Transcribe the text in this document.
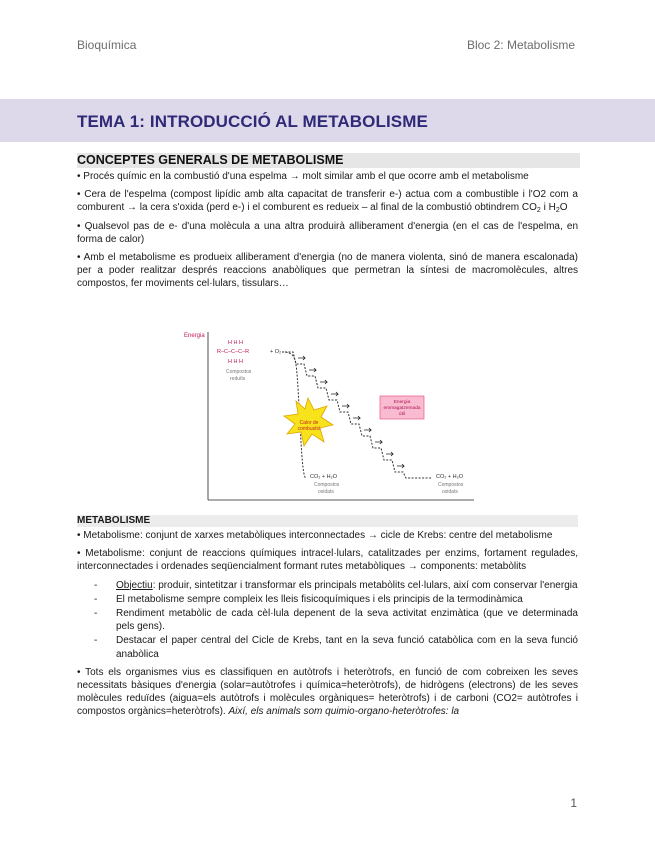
Bioquímica	Bloc 2: Metabolisme
TEMA 1: INTRODUCCIÓ AL METABOLISME
CONCEPTES GENERALS DE METABOLISME

• Procés químic en la combustió d'una espelma → molt similar amb el que ocorre amb el metabolisme

• Cera de l'espelma (compost lipídic amb alta capacitat de transferir e-) actua com a combustible i l'O2 com a comburent → la cera s'oxida (perd e-) i el comburent es redueix – al final de la combustió obtindrem $CO_2$ i $H_2O$

• Qualsevol pas de e- d'una molècula a una altra produirà alliberament d'energia (en el cas de l'espelma, en forma de calor)

• Amb el metabolisme es produeix alliberament d'energia (no de manera violenta, sinó de manera escalonada) per a poder realitzar després reaccions anabòliques que permetran la síntesi de macromolècules, altres compostos, fer moviments cel·lulars, tissulars…

Energia
H H H
R–C–C–C–R	+ O₂
H H H
Compostos
reduïts
Calor de
combustió
Energia
emmagatzemada
útil
CO₂ + H₂O
Compostos
oxidats
CO₂ + H₂O
Compostos
oxidats
METABOLISME

• Metabolisme: conjunt de xarxes metabòliques interconnectades → cicle de Krebs: centre del metabolisme

• Metabolisme: conjunt de reaccions químiques intracel·lulars, catalitzades per enzims, fortament regulades, interconnectades i ordenades seqüencialment formant rutes metabòliques → components: metabòlits

- Objectiu: produir, sintetitzar i transformar els principals metabòlits cel·lulars, així com conservar l'energia
- El metabolisme sempre compleix les lleis fisicoquímiques i els principis de la termodinàmica
- Rendiment metabòlic de cada cèl·lula depenent de la seva activitat enzimàtica (que ve determinada pels gens).
- Destacar el paper central del Cicle de Krebs, tant en la seva funció catabòlica com en la seva funció anabòlica

• Tots els organismes vius es classifiquen en autòtrofs i heteròtrofs, en funció de com cobreixen les seves necessitats bàsiques d'energia (solar=autòtrofes i química=heteròtrofs), de hidrògens (electrons) de les seves molècules reduïdes (aigua=els autòtrofs i molècules orgàniques= heteròtrofs) i de carboni (CO2= autòtrofes i compostos orgànics=heteròtrofs). Així, els animals som quimio-organo-heteròtrofes: la

1
